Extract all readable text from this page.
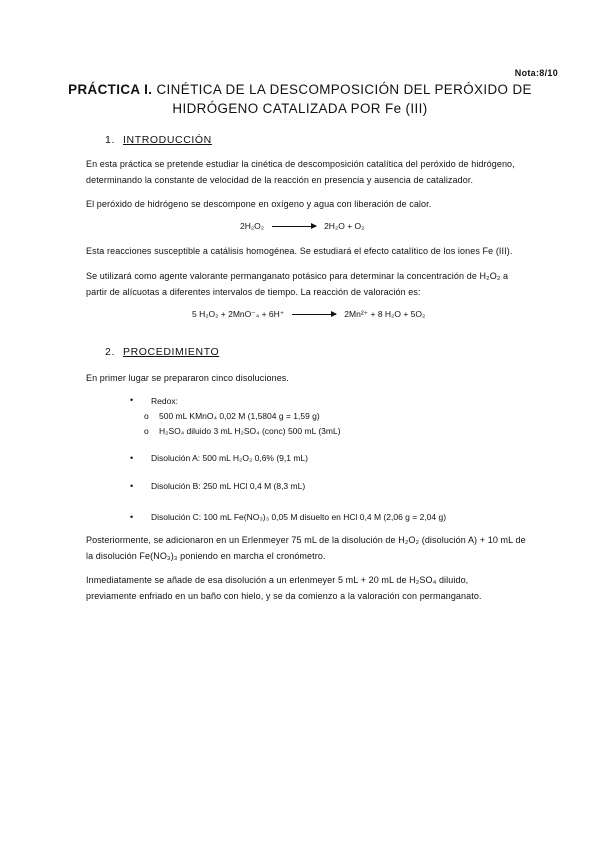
Nota:8/10
PRÁCTICA I. CINÉTICA DE LA DESCOMPOSICIÓN DEL PERÓXIDO DE
HIDRÓGENO CATALIZADA POR Fe (III)
1. INTRODUCCIÓN
En esta práctica se pretende estudiar la cinética de descomposición catalítica del peróxido de hidrógeno,
determinando la constante de velocidad de la reacción en presencia y ausencia de catalizador.
El peróxido de hidrógeno se descompone en oxígeno y agua con liberación de calor.
2H₂O₂	2H₂O + O₂
Esta reacciones susceptible a catálisis homogénea. Se estudiará el efecto catalítico de los iones Fe (III).
Se utilizará como agente valorante permanganato potásico para determinar la concentración de H₂O₂ a
partir de alícuotas a diferentes intervalos de tiempo. La reacción de valoración es:
5 H₂O₂ + 2MnO⁻₄ + 6H⁺	2Mn²⁺ + 8 H₂O + 5O₂
2. PROCEDIMIENTO
En primer lugar se prepararon cinco disoluciones.
• Redox:
o 500 mL KMnO₄ 0,02 M (1,5804 g = 1,59 g)
o H₂SO₄ diluido 3 mL H₂SO₄ (conc) 500 mL (3mL)
• Disolución A: 500 mL H₂O₂ 0,6% (9,1 mL)
• Disolución B: 250 mL HCl 0,4 M (8,3 mL)
• Disolución C: 100 mL Fe(NO₃)₃ 0,05 M disuelto en HCl 0,4 M (2,06 g = 2,04 g)
Posteriormente, se adicionaron en un Erlenmeyer 75 mL de la disolución de H₂O₂ (disolución A) + 10 mL de
la disolución Fe(NO₃)₃ poniendo en marcha el cronómetro.
Inmediatamente se añade de esa disolución a un erlenmeyer 5 mL + 20 mL de H₂SO₄ diluido,
previamente enfriado en un baño con hielo, y se da comienzo a la valoración con permanganato.
